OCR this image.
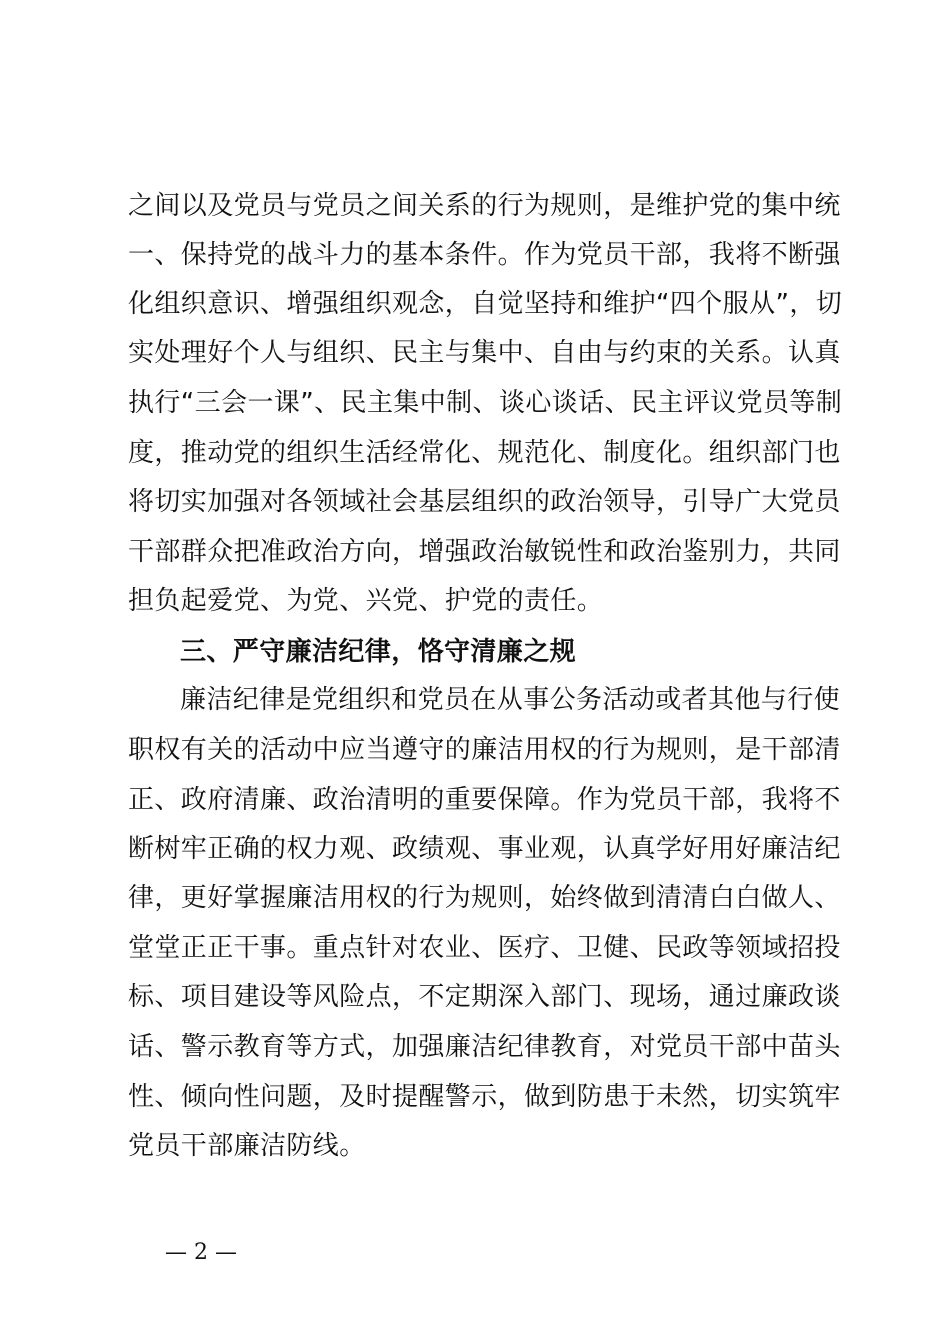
之间以及党员与党员之间关系的行为规则，是维护党的集中统
一、保持党的战斗力的基本条件。作为党员干部，我将不断强
化组织意识、增强组织观念，自觉坚持和维护“四个服从”，切
实处理好个人与组织、民主与集中、自由与约束的关系。认真
执行“三会一课”、民主集中制、谈心谈话、民主评议党员等制
度，推动党的组织生活经常化、规范化、制度化。组织部门也
将切实加强对各领域社会基层组织的政治领导，引导广大党员
干部群众把准政治方向，增强政治敏锐性和政治鉴别力，共同
担负起爱党、为党、兴党、护党的责任。
三、严守廉洁纪律，恪守清廉之规
廉洁纪律是党组织和党员在从事公务活动或者其他与行使
职权有关的活动中应当遵守的廉洁用权的行为规则，是干部清
正、政府清廉、政治清明的重要保障。作为党员干部，我将不
断树牢正确的权力观、政绩观、事业观，认真学好用好廉洁纪
律，更好掌握廉洁用权的行为规则，始终做到清清白白做人、
堂堂正正干事。重点针对农业、医疗、卫健、民政等领域招投
标、项目建设等风险点，不定期深入部门、现场，通过廉政谈
话、警示教育等方式，加强廉洁纪律教育，对党员干部中苗头
性、倾向性问题，及时提醒警示，做到防患于未然，切实筑牢
党员干部廉洁防线。
— 2 —
